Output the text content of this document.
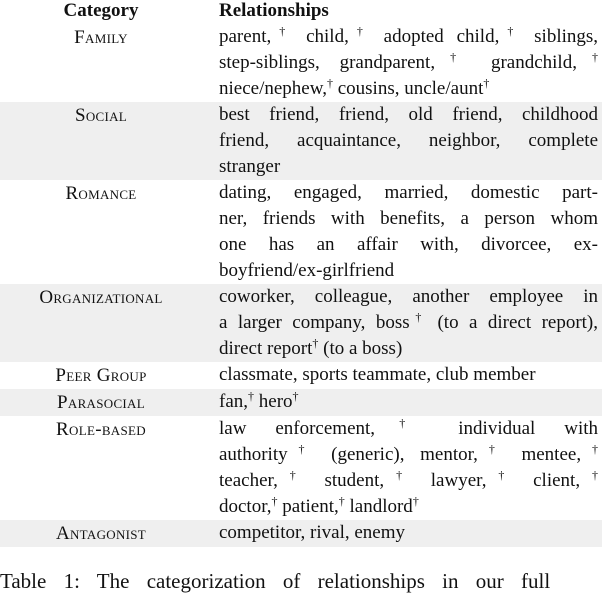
Category	Relationships
Family	parent,† child,† adopted child,† siblings,
step-siblings, grandparent,† grandchild,†
niece/nephew,† cousins, uncle/aunt†

Social	best friend, friend, old friend, childhood
friend, acquaintance, neighbor, complete
stranger

Romance	dating, engaged, married, domestic part-
ner, friends with benefits, a person whom
one has an affair with, divorcee, ex-
boyfriend/ex-girlfriend

Organizational	coworker, colleague, another employee in
a larger company, boss† (to a direct report),
direct report† (to a boss)

Peer Group	classmate, sports teammate, club member

Parasocial	fan,† hero†

Role-based	law enforcement,† individual with
authority† (generic), mentor,† mentee,†
teacher,† student,† lawyer,† client,†
doctor,† patient,† landlord†

Antagonist	competitor, rival, enemy
Table 1: The categorization of relationships in our full
